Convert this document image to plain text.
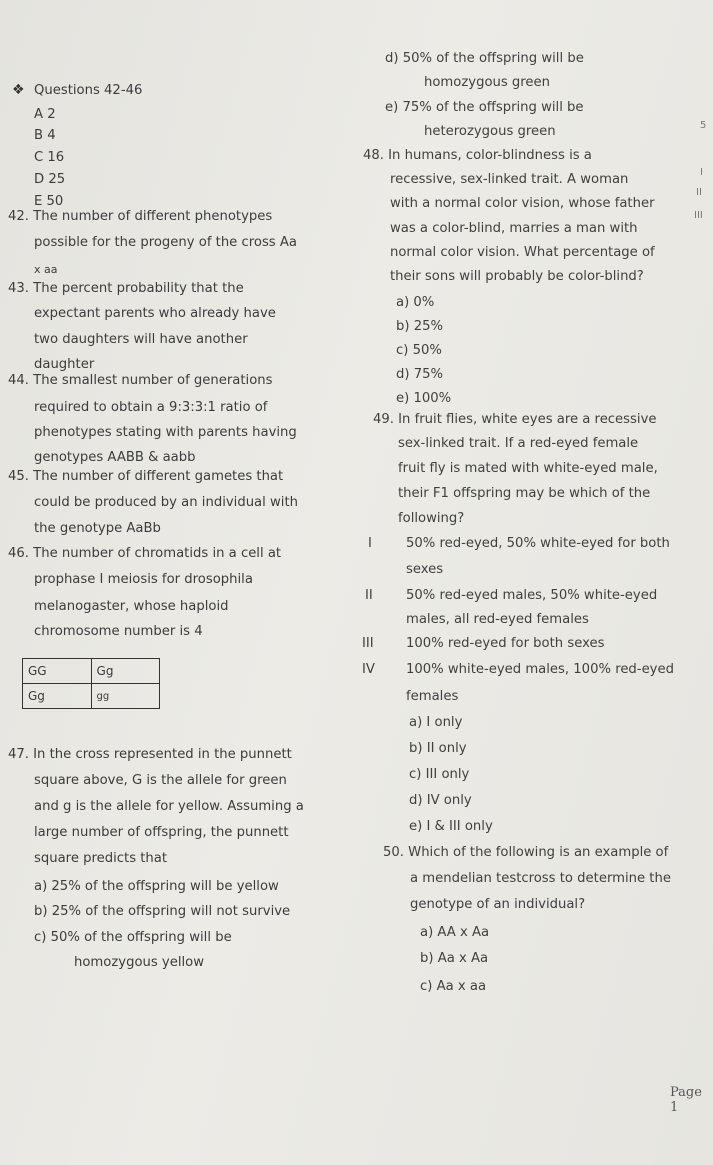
❖ Questions 42-46
A 2
B 4
C 16
D 25
E 50
42. The number of different phenotypes
possible for the progeny of the cross Aa
x aa
43. The percent probability that the
expectant parents who already have
two daughters will have another
daughter
44. The smallest number of generations
required to obtain a 9:3:3:1 ratio of
phenotypes stating with parents having
genotypes AABB & aabb
45. The number of different gametes that
could be produced by an individual with
the genotype AaBb
46. The number of chromatids in a cell at
prophase I meiosis for drosophila
melanogaster, whose haploid
chromosome number is 4
GG	Gg
Gg	gg
47. In the cross represented in the punnett
square above, G is the allele for green
and g is the allele for yellow. Assuming a
large number of offspring, the punnett
square predicts that
a) 25% of the offspring will be yellow
b) 25% of the offspring will not survive
c) 50% of the offspring will be
homozygous yellow
d) 50% of the offspring will be
homozygous green
e) 75% of the offspring will be
heterozygous green
48. In humans, color-blindness is a
recessive, sex-linked trait. A woman
with a normal color vision, whose father
was a color-blind, marries a man with
normal color vision. What percentage of
their sons will probably be color-blind?
a) 0%
b) 25%
c) 50%
d) 75%
e) 100%
49. In fruit flies, white eyes are a recessive
sex-linked trait. If a red-eyed female
fruit fly is mated with white-eyed male,
their F1 offspring may be which of the
following?
I	50% red-eyed, 50% white-eyed for both
sexes
II	50% red-eyed males, 50% white-eyed
males, all red-eyed females
III 100% red-eyed for both sexes
IV 100% white-eyed males, 100% red-eyed
females
a) I only
b) II only
c) III only
d) IV only
e) I & III only
50. Which of the following is an example of
a mendelian testcross to determine the
genotype of an individual?
a) AA x Aa
b) Aa x Aa
c) Aa x aa
Page 1
5
I
II
III
